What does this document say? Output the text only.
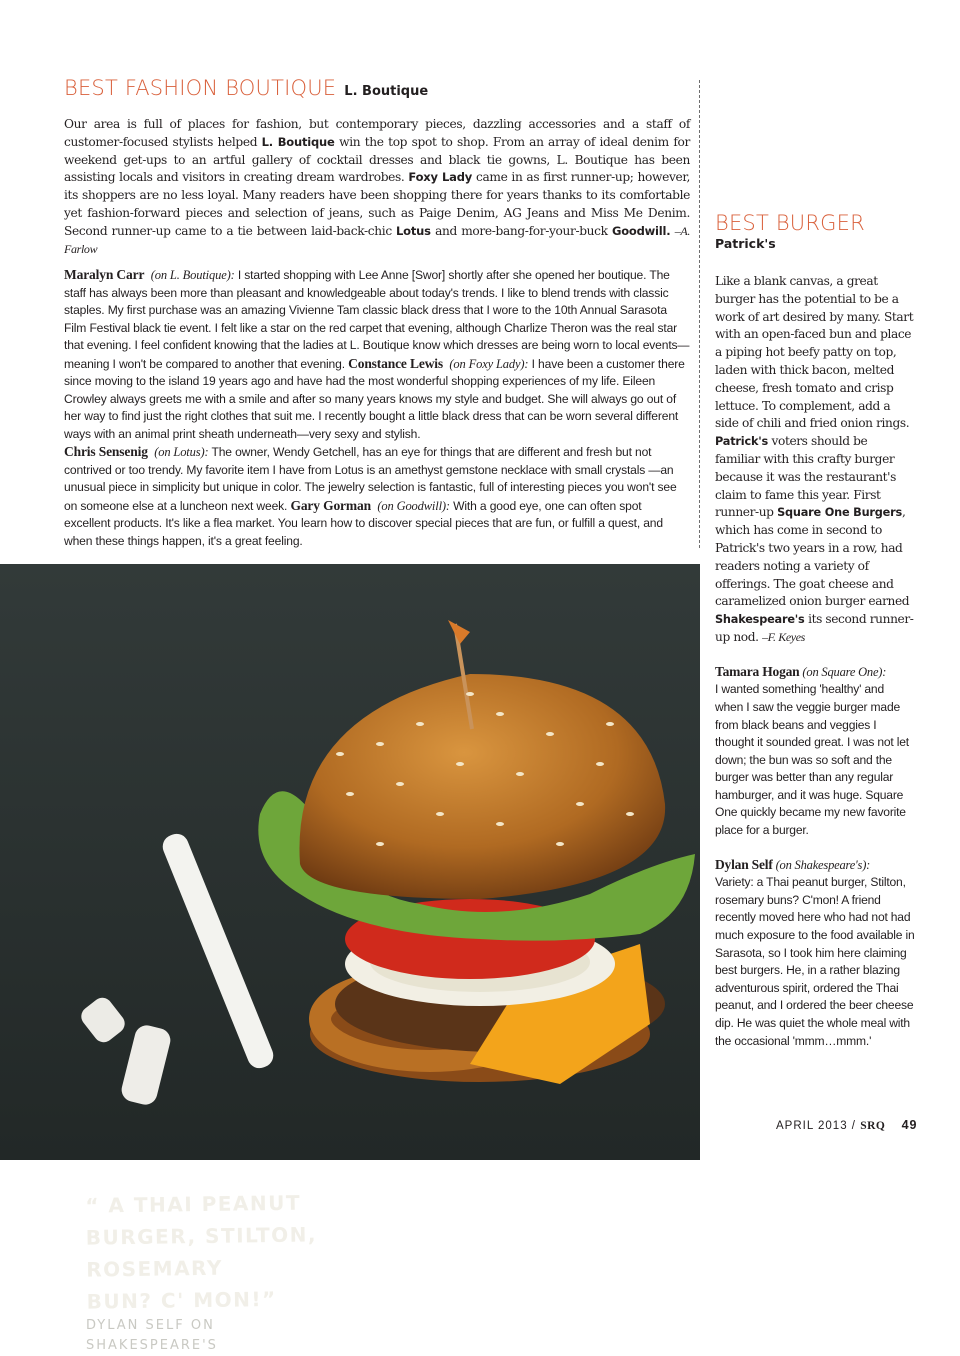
BEST FASHION BOUTIQUE L. Boutique

Our area is full of places for fashion, but contemporary pieces, dazzling accessories and a staff of customer-focused stylists helped L. Boutique win the top spot to shop. From an array of ideal denim for weekend get-ups to an artful gallery of cocktail dresses and black tie gowns, L. Boutique has been assisting locals and visitors in creating dream wardrobes. Foxy Lady came in as first runner-up; however, its shoppers are no less loyal. Many readers have been shopping there for years thanks to its comfortable yet fashion-forward pieces and selection of jeans, such as Paige Denim, AG Jeans and Miss Me Denim. Second runner-up came to a tie between laid-back-chic Lotus and more-bang-for-your-buck Goodwill. –A. Farlow

Maralyn Carr (on L. Boutique): I started shopping with Lee Anne [Swor] shortly after she opened her boutique. The staff has always been more than pleasant and knowledgeable about today's trends. I like to blend trends with classic staples. My first purchase was an amazing Vivienne Tam classic black dress that I wore to the 10th Annual Sarasota Film Festival black tie event. I felt like a star on the red carpet that evening, although Charlize Theron was the real star that evening. I feel confident knowing that the ladies at L. Boutique know which dresses are being worn to local events—meaning I won't be compared to another that evening. Constance Lewis (on Foxy Lady): I have been a customer there since moving to the island 19 years ago and have had the most wonderful shopping experiences of my life. Eileen Crowley always greets me with a smile and after so many years knows my style and budget. She will always go out of her way to find just the right clothes that suit me. I recently bought a little black dress that can be worn several different ways with an animal print sheath underneath—very sexy and stylish.
Chris Sensenig (on Lotus): The owner, Wendy Getchell, has an eye for things that are different and fresh but not contrived or too trendy. My favorite item I have from Lotus is an amethyst gemstone necklace with small crystals —an unusual piece in simplicity but unique in color. The jewelry selection is fantastic, full of interesting pieces you won't see on someone else at a luncheon next week. Gary Gorman (on Goodwill): With a good eye, one can often spot excellent products. It's like a flea market. You learn how to discover special pieces that are fun, or fulfill a quest, and when these things happen, it's a great feeling.
BEST BURGER
Patrick's

Like a blank canvas, a great burger has the potential to be a work of art desired by many. Start with an open-faced bun and place a piping hot beefy patty on top, laden with thick bacon, melted cheese, fresh tomato and crisp lettuce. To complement, add a side of chili and fried onion rings. Patrick's voters should be familiar with this crafty burger because it was the restaurant's claim to fame this year. First runner-up Square One Burgers, which has come in second to Patrick's two years in a row, had readers noting a variety of offerings. The goat cheese and caramelized onion burger earned Shakespeare's its second runner-up nod. –F. Keyes

Tamara Hogan (on Square One):
I wanted something 'healthy' and when I saw the veggie burger made from black beans and veggies I thought it sounded great. I was not let down; the bun was so soft and the burger was better than any regular hamburger, and it was huge. Square One quickly became my new favorite place for a burger.
Dylan Self (on Shakespeare's):
Variety: a Thai peanut burger, Stilton, rosemary buns? C'mon! A friend recently moved here who had not had much exposure to the food available in Sarasota, so I took him here claiming best burgers. He, in a rather blazing adventurous spirit, ordered the Thai peanut, and I ordered the beer cheese dip. He was quiet the whole meal with the occasional 'mmm…mmm.'
“ A THAI PEANUT
BURGER, STILTON,
ROSEMARY
BUN? C' MON!”
DYLAN SELF ON
SHAKESPEARE'S
APRIL 2013 / SRQ 49
